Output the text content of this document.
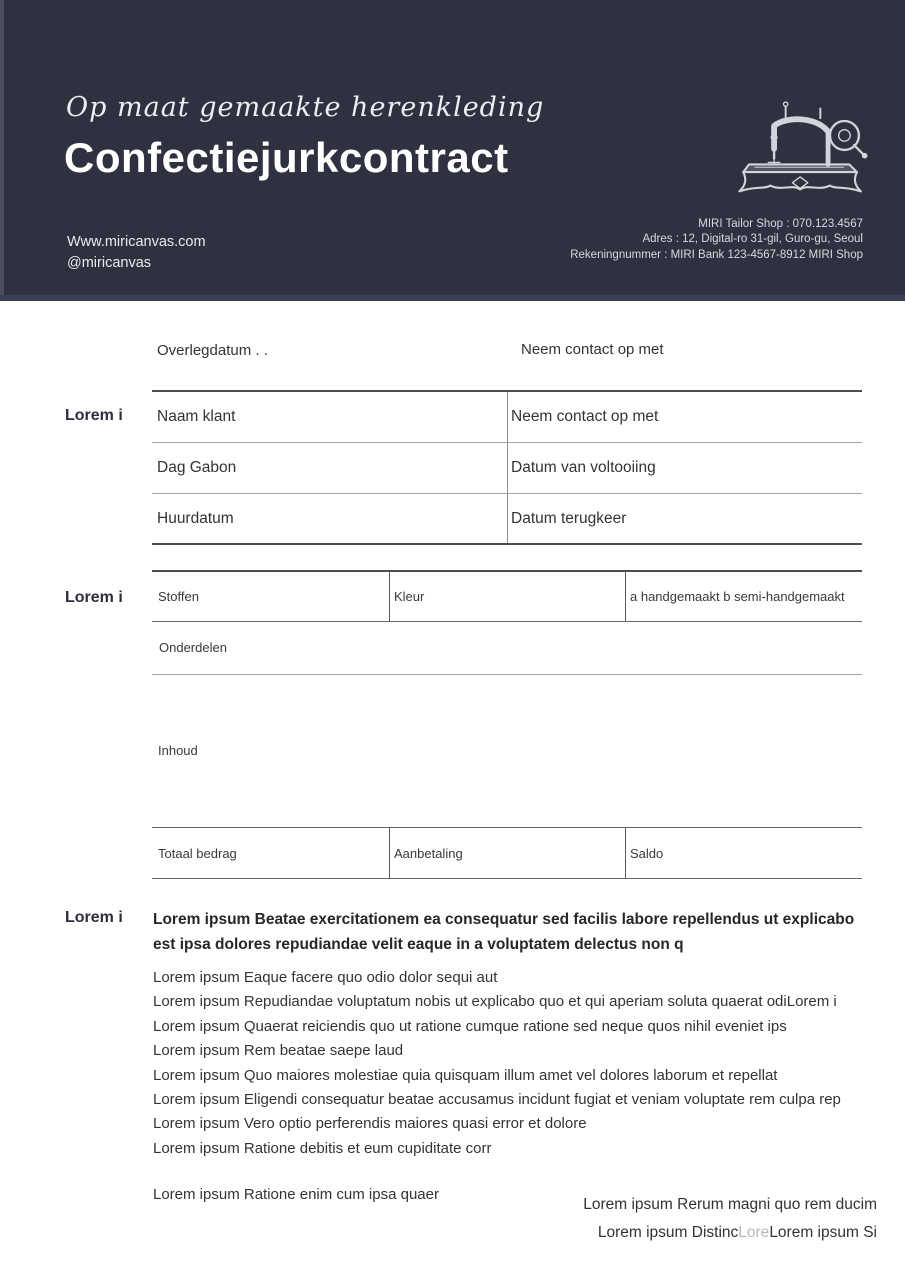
Op maat gemaakte herenkleding
Confectiejurkcontract
Www.miricanvas.com
@miricanvas
MIRI Tailor Shop : 070.123.4567
Adres : 12, Digital-ro 31-gil, Guro-gu, Seoul
Rekeningnummer : MIRI Bank 123-4567-8912 MIRI Shop
Overlegdatum . .	Neem contact op met
Lorem i Naam klant	Neem contact op met
Dag Gabon	Datum van voltooiing
Huurdatum	Datum terugkeer
Lorem i	Stoffen	Kleur	a handgemaakt b semi-handgemaakt
Onderdelen
Inhoud
Totaal bedrag	Aanbetaling	Saldo
Lorem i Lorem ipsum Beatae exercitationem ea consequatur sed facilis labore repellendus ut explicabo est ipsa dolores repudiandae velit eaque in a voluptatem delectus non q
Lorem ipsum Eaque facere quo odio dolor sequi aut
Lorem ipsum Repudiandae voluptatum nobis ut explicabo quo et qui aperiam soluta quaerat odiLorem i
Lorem ipsum Quaerat reiciendis quo ut ratione cumque ratione sed neque quos nihil eveniet ips
Lorem ipsum Rem beatae saepe laud
Lorem ipsum Quo maiores molestiae quia quisquam illum amet vel dolores laborum et repellat
Lorem ipsum Eligendi consequatur beatae accusamus incidunt fugiat et veniam voluptate rem culpa rep
Lorem ipsum Vero optio perferendis maiores quasi error et dolore
Lorem ipsum Ratione debitis et eum cupiditate corr
Lorem ipsum Ratione enim cum ipsa quaer
Lorem ipsum Rerum magni quo rem ducim
Lorem ipsum DistincLoreLorem ipsum Si
